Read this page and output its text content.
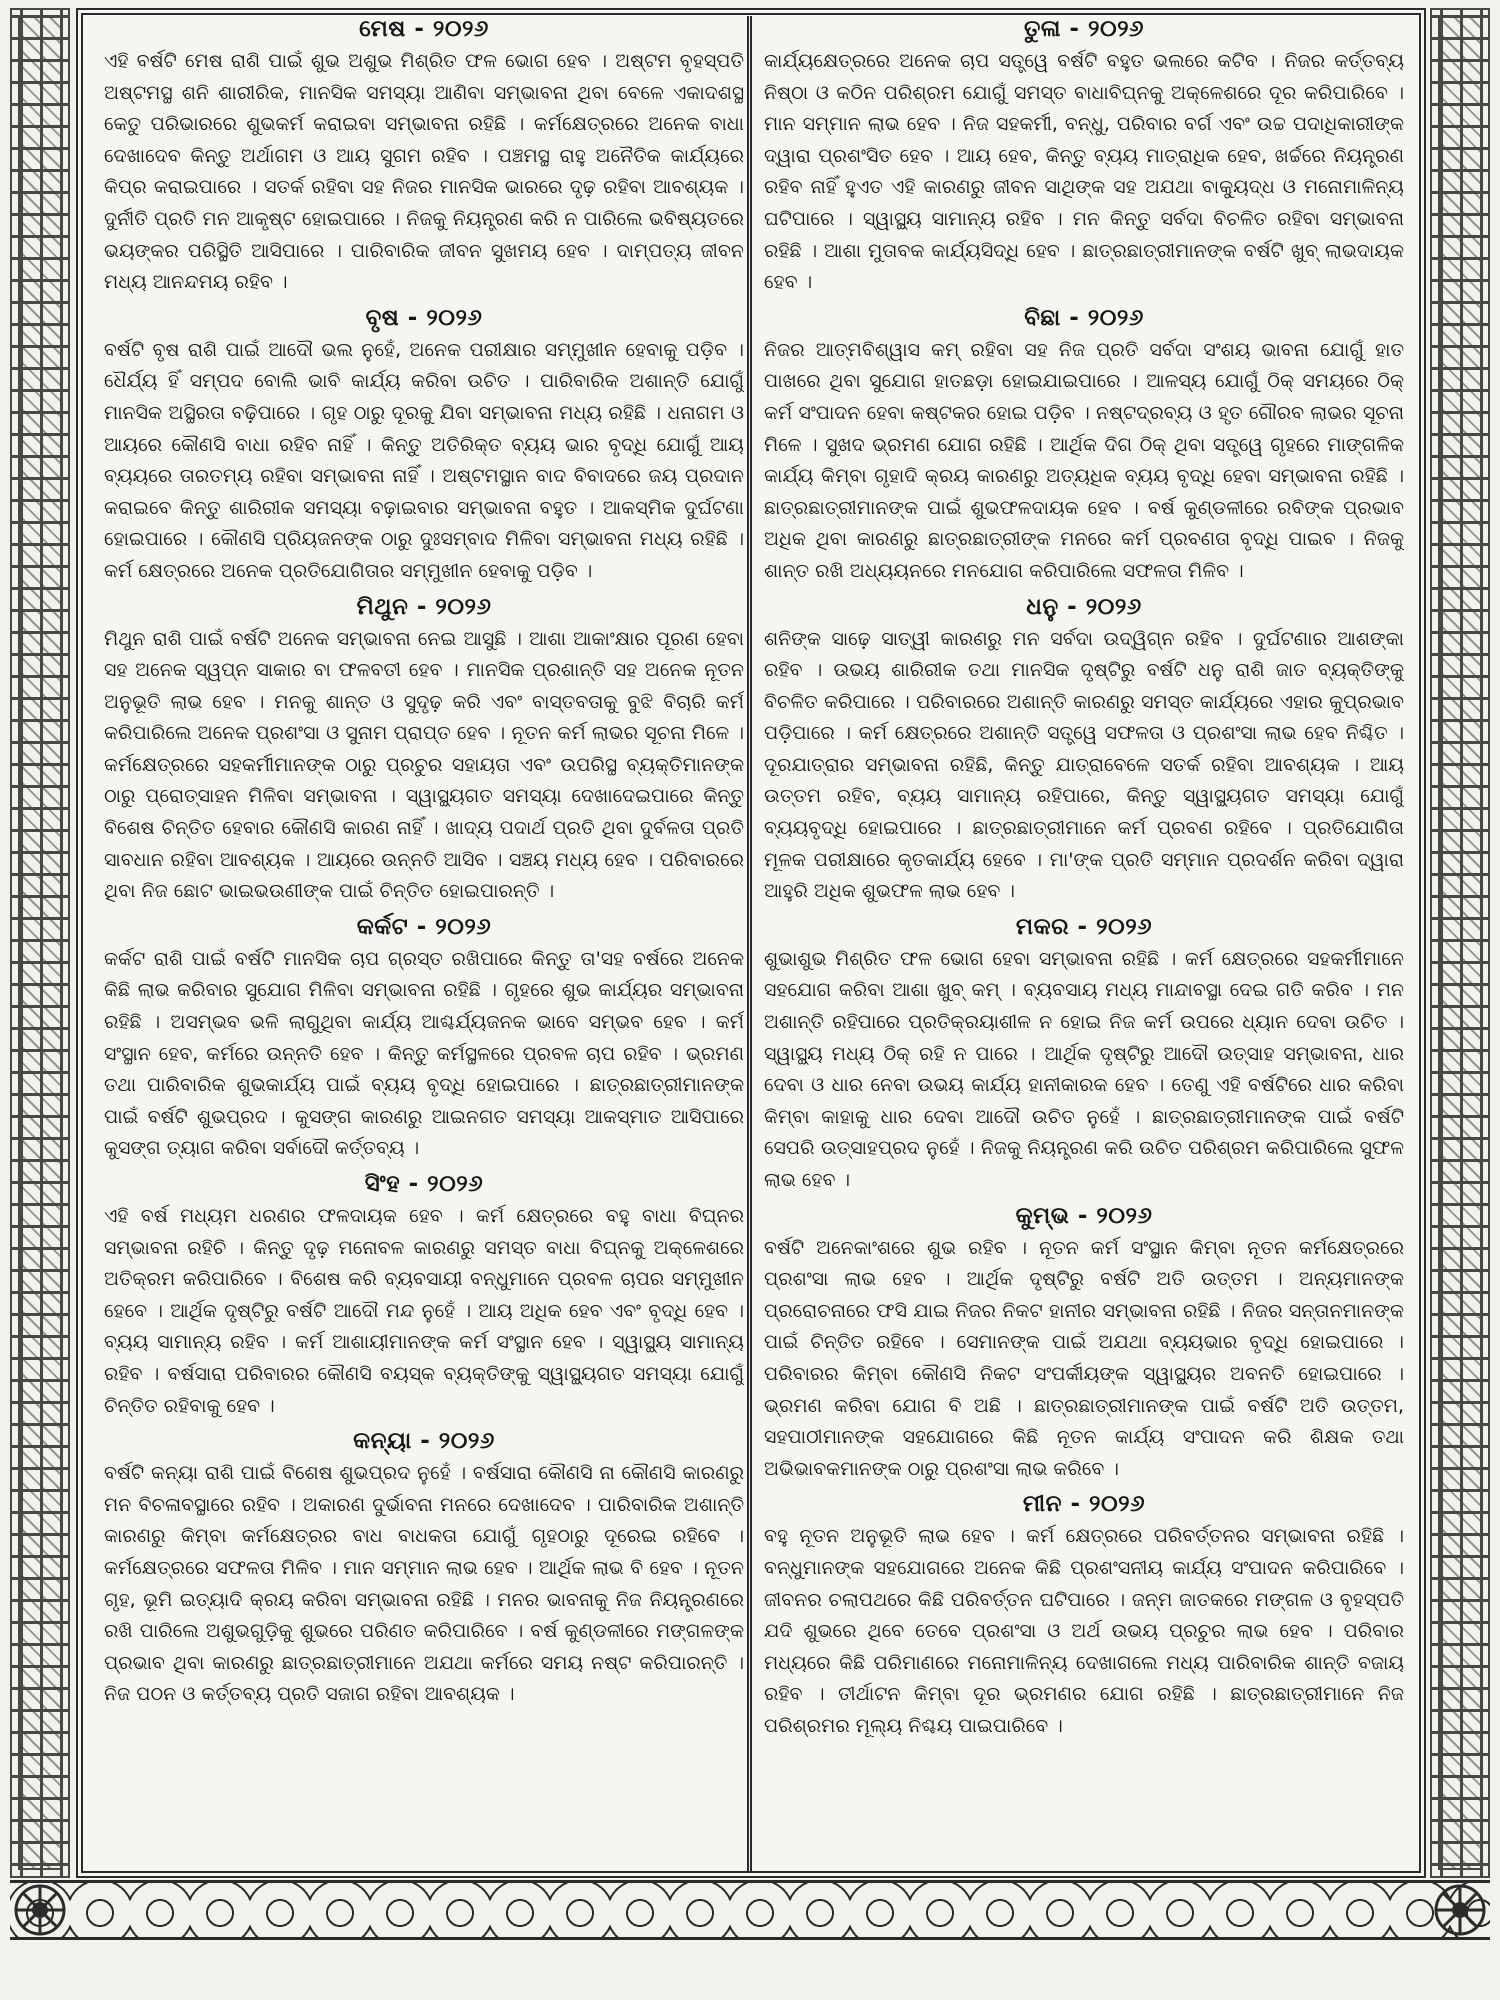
ମେଷ - ୨୦୨୬
ଏହି ବର୍ଷଟି ମେଷ ରାଶି ପାଇଁ ଶୁଭ ଅଶୁଭ ମିଶ୍ରିତ ଫଳ ଭୋଗ ହେବ । ଅଷ୍ଟମ ବୃହସ୍ପତି ଅଷ୍ଟମସ୍ଥ ଶନି ଶାରୀରିକ, ମାନସିକ ସମସ୍ୟା ଆଣିବା ସମ୍ଭାବନା ଥିବା ବେଳେ ଏକାଦଶସ୍ଥ କେତୁ ପରିଭାରରେ ଶୁଭକର୍ମ କରାଇବା ସମ୍ଭାବନା ରହିଛି । କର୍ମକ୍ଷେତ୍ରରେ ଅନେକ ବାଧା ଦେଖାଦେବ କିନ୍ତୁ ଅର୍ଥାଗମ ଓ ଆୟ ସୁଗମ ରହିବ । ପଞ୍ଚମସ୍ଥ ରାହୁ ଅନୈତିକ କାର୍ଯ୍ୟରେ କିପ୍ର କରାଇପାରେ । ସତର୍କ ରହିବା ସହ ନିଜର ମାନସିକ ଭାରରେ ଦୃଢ଼ ରହିବା ଆବଶ୍ୟକ । ଦୁର୍ନୀତି ପ୍ରତି ମନ ଆକୃଷ୍ଟ ହୋଇପାରେ । ନିଜକୁ ନିୟନ୍ତ୍ରଣ କରି ନ ପାରିଲେ ଭବିଷ୍ୟତରେ ଭୟଙ୍କର ପରିସ୍ଥିତି ଆସିପାରେ । ପାରିବାରିକ ଜୀବନ ସୁଖମୟ ହେବ । ଦାମ୍ପତ୍ୟ ଜୀବନ ମଧ୍ୟ ଆନନ୍ଦମୟ ରହିବ ।
ବୃଷ - ୨୦୨୬
ବର୍ଷଟି ବୃଷ ରାଶି ପାଇଁ ଆଦୌ ଭଲ ନୁହେଁ, ଅନେକ ପରୀକ୍ଷାର ସମ୍ମୁଖୀନ ହେବାକୁ ପଡ଼ିବ । ଧୈର୍ଯ୍ୟ ହିଁ ସମ୍ପଦ ବୋଲି ଭାବି କାର୍ଯ୍ୟ କରିବା ଉଚିତ । ପାରିବାରିକ ଅଶାନ୍ତି ଯୋଗୁଁ ମାନସିକ ଅସ୍ଥିରତା ବଢ଼ିପାରେ । ଗୃହ ଠାରୁ ଦୂରକୁ ଯିବା ସମ୍ଭାବନା ମଧ୍ୟ ରହିଛି । ଧନାଗମ ଓ ଆୟରେ କୌଣସି ବାଧା ରହିବ ନାହିଁ । କିନ୍ତୁ ଅତିରିକ୍ତ ବ୍ୟୟ ଭାର ବୃଦ୍ଧି ଯୋଗୁଁ ଆୟ ବ୍ୟୟରେ ତାରତମ୍ୟ ରହିବା ସମ୍ଭାବନା ନାହିଁ । ଅଷ୍ଟମସ୍ଥାନ ବାଦ ବିବାଦରେ ଜୟ ପ୍ରଦାନ କରାଇବେ କିନ୍ତୁ ଶାରିରୀକ ସମସ୍ୟା ବଢ଼ାଇବାର ସମ୍ଭାବନା ବହୁତ । ଆକସ୍ମିକ ଦୁର୍ଘଟଣା ହୋଇପାରେ । କୌଣସି ପ୍ରିୟଜନଙ୍କ ଠାରୁ ଦୁଃସମ୍ବାଦ ମିଳିବା ସମ୍ଭାବନା ମଧ୍ୟ ରହିଛି । କର୍ମ କ୍ଷେତ୍ରରେ ଅନେକ ପ୍ରତିଯୋଗିତାର ସମ୍ମୁଖୀନ ହେବାକୁ ପଡ଼ିବ ।
ମିଥୁନ - ୨୦୨୬
ମିଥୁନ ରାଶି ପାଇଁ ବର୍ଷଟି ଅନେକ ସମ୍ଭାବନା ନେଇ ଆସୁଛି । ଆଶା ଆକାଂକ୍ଷାର ପୂରଣ ହେବା ସହ ଅନେକ ସ୍ୱପ୍ନ ସାକାର ବା ଫଳବତୀ ହେବ । ମାନସିକ ପ୍ରଶାନ୍ତି ସହ ଅନେକ ନୂତନ ଅନୁଭୂତି ଲାଭ ହେବ । ମନକୁ ଶାନ୍ତ ଓ ସୁଦୃଢ଼ କରି ଏବଂ ବାସ୍ତବତାକୁ ବୁଝି ବିଚାରି କର୍ମ କରିପାରିଲେ ଅନେକ ପ୍ରଶଂସା ଓ ସୁନାମ ପ୍ରାପ୍ତ ହେବ । ନୂତନ କର୍ମ ଲାଭର ସୂଚନା ମିଳେ । କର୍ମକ୍ଷେତ୍ରରେ ସହକର୍ମୀମାନଙ୍କ ଠାରୁ ପ୍ରଚୁର ସହାୟତା ଏବଂ ଉପରିସ୍ଥ ବ୍ୟକ୍ତିମାନଙ୍କ ଠାରୁ ପ୍ରୋତ୍ସାହନ ମିଳିବା ସମ୍ଭାବନା । ସ୍ୱାସ୍ଥ୍ୟଗତ ସମସ୍ୟା ଦେଖାଦେଇପାରେ କିନ୍ତୁ ବିଶେଷ ଚିନ୍ତିତ ହେବାର କୌଣସି କାରଣ ନାହିଁ । ଖାଦ୍ୟ ପଦାର୍ଥ ପ୍ରତି ଥିବା ଦୁର୍ବଳତା ପ୍ରତି ସାବଧାନ ରହିବା ଆବଶ୍ୟକ । ଆୟରେ ଉନ୍ନତି ଆସିବ । ସଞ୍ଚୟ ମଧ୍ୟ ହେବ । ପରିବାରରେ ଥିବା ନିଜ ଛୋଟ ଭାଇଭଉଣୀଙ୍କ ପାଇଁ ଚିନ୍ତିତ ହୋଇପାରନ୍ତି ।
କର୍କଟ - ୨୦୨୬
କର୍କଟ ରାଶି ପାଇଁ ବର୍ଷଟି ମାନସିକ ଚାପ ଗ୍ରସ୍ତ ରଖିପାରେ କିନ୍ତୁ ତା'ସହ ବର୍ଷରେ ଅନେକ କିଛି ଲାଭ କରିବାର ସୁଯୋଗ ମିଳିବା ସମ୍ଭାବନା ରହିଛି । ଗୃହରେ ଶୁଭ କାର୍ଯ୍ୟର ସମ୍ଭାବନା ରହିଛି । ଅସମ୍ଭବ ଭଳି ଲାଗୁଥିବା କାର୍ଯ୍ୟ ଆଶ୍ଚର୍ଯ୍ୟଜନକ ଭାବେ ସମ୍ଭବ ହେବ । କର୍ମ ସଂସ୍ଥାନ ହେବ, କର୍ମରେ ଉନ୍ନତି ହେବ । କିନ୍ତୁ କର୍ମସ୍ଥଳରେ ପ୍ରବଳ ଚାପ ରହିବ । ଭ୍ରମଣ ତଥା ପାରିବାରିକ ଶୁଭକାର୍ଯ୍ୟ ପାଇଁ ବ୍ୟୟ ବୃଦ୍ଧି ହୋଇପାରେ । ଛାତ୍ରଛାତ୍ରୀମାନଙ୍କ ପାଇଁ ବର୍ଷଟି ଶୁଭପ୍ରଦ । କୁସଙ୍ଗ କାରଣରୁ ଆଇନଗତ ସମସ୍ୟା ଆକସ୍ମାତ ଆସିପାରେ କୁସଙ୍ଗ ତ୍ୟାଗ କରିବା ସର୍ବାଦୌ କର୍ତ୍ତବ୍ୟ ।
ସିଂହ - ୨୦୨୬
ଏହି ବର୍ଷ ମଧ୍ୟମ ଧରଣର ଫଳଦାୟକ ହେବ । କର୍ମ କ୍ଷେତ୍ରରେ ବହୁ ବାଧା ବିଘ୍ନର ସମ୍ଭାବନା ରହିଚି । କିନ୍ତୁ ଦୃଢ଼ ମନୋବଳ କାରଣରୁ ସମସ୍ତ ବାଧା ବିଘ୍ନକୁ ଅକ୍ଳେଶରେ ଅତିକ୍ରମ କରିପାରିବେ । ବିଶେଷ କରି ବ୍ୟବସାୟୀ ବନ୍ଧୁମାନେ ପ୍ରବଳ ଚାପର ସମ୍ମୁଖୀନ ହେବେ । ଆର୍ଥିକ ଦୃଷ୍ଟିରୁ ବର୍ଷଟି ଆଦୌ ମନ୍ଦ ନୁହେଁ । ଆୟ ଅଧିକ ହେବ ଏବଂ ବୃଦ୍ଧି ହେବ । ବ୍ୟୟ ସାମାନ୍ୟ ରହିବ । କର୍ମ ଆଶାୟୀମାନଙ୍କ କର୍ମ ସଂସ୍ଥାନ ହେବ । ସ୍ୱାସ୍ଥ୍ୟ ସାମାନ୍ୟ ରହିବ । ବର୍ଷସାରା ପରିବାରର କୌଣସି ବୟସ୍କ ବ୍ୟକ୍ତିଙ୍କୁ ସ୍ୱାସ୍ଥ୍ୟଗତ ସମସ୍ୟା ଯୋଗୁଁ ଚିନ୍ତିତ ରହିବାକୁ ହେବ ।
କନ୍ୟା - ୨୦୨୬
ବର୍ଷଟି କନ୍ୟା ରାଶି ପାଇଁ ବିଶେଷ ଶୁଭପ୍ରଦ ନୁହେଁ । ବର୍ଷସାରା କୌଣସି ନା କୌଣସି କାରଣରୁ ମନ ବିଚଳାବସ୍ଥାରେ ରହିବ । ଅକାରଣ ଦୁର୍ଭାବନା ମନରେ ଦେଖାଦେବ । ପାରିବାରିକ ଅଶାନ୍ତି କାରଣରୁ କିମ୍ବା କର୍ମକ୍ଷେତ୍ରର ବାଧ ବାଧକତା ଯୋଗୁଁ ଗୃହଠାରୁ ଦୂରେଇ ରହିବେ । କର୍ମକ୍ଷେତ୍ରରେ ସଫଳତା ମିଳିବ । ମାନ ସମ୍ମାନ ଲାଭ ହେବ । ଆର୍ଥିକ ଲାଭ ବି ହେବ । ନୂତନ ଗୃହ, ଭୂମି ଇତ୍ୟାଦି କ୍ରୟ କରିବା ସମ୍ଭାବନା ରହିଛି । ମନର ଭାବନାକୁ ନିଜ ନିୟନ୍ତ୍ରଣରେ ରଖି ପାରିଲେ ଅଶୁଭଗୁଡ଼ିକୁ ଶୁଭରେ ପରିଣତ କରିପାରିବେ । ବର୍ଷ କୁଣ୍ଡଳୀରେ ମଙ୍ଗଳଙ୍କ ପ୍ରଭାବ ଥିବା କାରଣରୁ ଛାତ୍ରଛାତ୍ରୀମାନେ ଅଯଥା କର୍ମରେ ସମୟ ନଷ୍ଟ କରିପାରନ୍ତି । ନିଜ ପଠନ ଓ କର୍ତ୍ତବ୍ୟ ପ୍ରତି ସଜାଗ ରହିବା ଆବଶ୍ୟକ ।
ତୁଳା - ୨୦୨୬
କାର୍ଯ୍ୟକ୍ଷେତ୍ରରେ ଅନେକ ଚାପ ସତ୍ତ୍ୱେ ବର୍ଷଟି ବହୁତ ଭଲରେ କଟିବ । ନିଜର କର୍ତ୍ତବ୍ୟ ନିଷ୍ଠା ଓ କଠିନ ପରିଶ୍ରମ ଯୋଗୁଁ ସମସ୍ତ ବାଧାବିଘ୍ନକୁ ଅକ୍ଳେଶରେ ଦୂର କରିପାରିବେ । ମାନ ସମ୍ମାନ ଲାଭ ହେବ । ନିଜ ସହକର୍ମୀ, ବନ୍ଧୁ, ପରିବାର ବର୍ଗ ଏବଂ ଉଚ୍ଚ ପଦାଧିକାରୀଙ୍କ ଦ୍ୱାରା ପ୍ରଶଂସିତ ହେବ । ଆୟ ହେବ, କିନ୍ତୁ ବ୍ୟୟ ମାତ୍ରାଧିକ ହେବ, ଖର୍ଚ୍ଚରେ ନିୟନ୍ତ୍ରଣ ରହିବ ନାହିଁ ହୁଏତ ଏହି କାରଣରୁ ଜୀବନ ସାଥିଙ୍କ ସହ ଅଯଥା ବାକ୍ୟୁଦ୍ଧ ଓ ମନୋମାଳିନ୍ୟ ଘଟିପାରେ । ସ୍ୱାସ୍ଥ୍ୟ ସାମାନ୍ୟ ରହିବ । ମନ କିନ୍ତୁ ସର୍ବଦା ବିଚଳିତ ରହିବା ସମ୍ଭାବନା ରହିଛି । ଆଶା ମୁତାବକ କାର୍ଯ୍ୟସିଦ୍ଧି ହେବ । ଛାତ୍ରଛାତ୍ରୀମାନଙ୍କ ବର୍ଷଟି ଖୁବ୍ ଲାଭଦାୟକ ହେବ ।
ବିଛା - ୨୦୨୬
ନିଜର ଆତ୍ମବିଶ୍ୱାସ କମ୍ ରହିବା ସହ ନିଜ ପ୍ରତି ସର୍ବଦା ସଂଶୟ ଭାବନା ଯୋଗୁଁ ହାତ ପାଖରେ ଥିବା ସୁଯୋଗ ହାତଛଡ଼ା ହୋଇଯାଇପାରେ । ଆଳସ୍ୟ ଯୋଗୁଁ ଠିକ୍ ସମୟରେ ଠିକ୍ କର୍ମ ସଂପାଦନ ହେବା କଷ୍ଟକର ହୋଇ ପଡ଼ିବ । ନଷ୍ଟଦ୍ରବ୍ୟ ଓ ହୃତ ଗୌରବ ଲାଭର ସୂଚନା ମିଳେ । ସୁଖଦ ଭ୍ରମଣ ଯୋଗ ରହିଛି । ଆର୍ଥିକ ଦିଗ ଠିକ୍ ଥିବା ସତ୍ତ୍ୱେ ଗୃହରେ ମାଙ୍ଗଳିକ କାର୍ଯ୍ୟ କିମ୍ବା ଗୃହାଦି କ୍ରୟ କାରଣରୁ ଅତ୍ୟଧିକ ବ୍ୟୟ ବୃଦ୍ଧି ହେବା ସମ୍ଭାବନା ରହିଛି । ଛାତ୍ରଛାତ୍ରୀମାନଙ୍କ ପାଇଁ ଶୁଭଫଳଦାୟକ ହେବ । ବର୍ଷ କୁଣ୍ଡଳୀରେ ରବିଙ୍କ ପ୍ରଭାବ ଅଧିକ ଥିବା କାରଣରୁ ଛାତ୍ରଛାତ୍ରୀଙ୍କ ମନରେ କର୍ମ ପ୍ରବଣତା ବୃଦ୍ଧି ପାଇବ । ନିଜକୁ ଶାନ୍ତ ରଖି ଅଧ୍ୟୟନରେ ମନଯୋଗ କରିପାରିଲେ ସଫଳତା ମିଳିବ ।
ଧନୁ - ୨୦୨୬
ଶନିଙ୍କ ସାଢ଼େ ସାତ୍ୱୀ କାରଣରୁ ମନ ସର୍ବଦା ଉଦ୍ୱିଗ୍ନ ରହିବ । ଦୁର୍ଘଟଣାର ଆଶଙ୍କା ରହିବ । ଉଭୟ ଶାରିରୀକ ତଥା ମାନସିକ ଦୃଷ୍ଟିରୁ ବର୍ଷଟି ଧନୁ ରାଶି ଜାତ ବ୍ୟକ୍ତିଙ୍କୁ ବିଚଳିତ କରିପାରେ । ପରିବାରରେ ଅଶାନ୍ତି କାରଣରୁ ସମସ୍ତ କାର୍ଯ୍ୟରେ ଏହାର କୁପ୍ରଭାବ ପଡ଼ିପାରେ । କର୍ମ କ୍ଷେତ୍ରରେ ଅଶାନ୍ତି ସତ୍ତ୍ୱେ ସଫଳତା ଓ ପ୍ରଶଂସା ଲାଭ ହେବ ନିଶ୍ଚିତ । ଦୂରଯାତ୍ରାର ସମ୍ଭାବନା ରହିଛି, କିନ୍ତୁ ଯାତ୍ରାବେଳେ ସତର୍କ ରହିବା ଆବଶ୍ୟକ । ଆୟ ଉତ୍ତମ ରହିବ, ବ୍ୟୟ ସାମାନ୍ୟ ରହିପାରେ, କିନ୍ତୁ ସ୍ୱାସ୍ଥ୍ୟଗତ ସମସ୍ୟା ଯୋଗୁଁ ବ୍ୟୟବୃଦ୍ଧି ହୋଇପାରେ । ଛାତ୍ରଛାତ୍ରୀମାନେ କର୍ମ ପ୍ରବଣ ରହିବେ । ପ୍ରତିଯୋଗିତା ମୂଳକ ପରୀକ୍ଷାରେ କୃତକାର୍ଯ୍ୟ ହେବେ । ମା'ଙ୍କ ପ୍ରତି ସମ୍ମାନ ପ୍ରଦର୍ଶନ କରିବା ଦ୍ୱାରା ଆହୁରି ଅଧିକ ଶୁଭଫଳ ଲାଭ ହେବ ।
ମକର - ୨୦୨୬
ଶୁଭାଶୁଭ ମିଶ୍ରିତ ଫଳ ଭୋଗ ହେବା ସମ୍ଭାବନା ରହିଛି । କର୍ମ କ୍ଷେତ୍ରରେ ସହକର୍ମୀମାନେ ସହଯୋଗ କରିବା ଆଶା ଖୁବ୍ କମ୍ । ବ୍ୟବସାୟ ମଧ୍ୟ ମାନ୍ଦାବସ୍ଥା ଦେଇ ଗତି କରିବ । ମନ ଅଶାନ୍ତି ରହିପାରେ ପ୍ରତିକ୍ରୟାଶୀଳ ନ ହୋଇ ନିଜ କର୍ମ ଉପରେ ଧ୍ୟାନ ଦେବା ଉଚିତ । ସ୍ୱାସ୍ଥ୍ୟ ମଧ୍ୟ ଠିକ୍ ରହି ନ ପାରେ । ଆର୍ଥିକ ଦୃଷ୍ଟିରୁ ଆଦୌ ଉତ୍ସାହ ସମ୍ଭାବନା, ଧାର ଦେବା ଓ ଧାର ନେବା ଉଭୟ କାର୍ଯ୍ୟ ହାନୀକାରକ ହେବ । ତେଣୁ ଏହି ବର୍ଷଟିରେ ଧାର କରିବା କିମ୍ବା କାହାକୁ ଧାର ଦେବା ଆଦୌ ଉଚିତ ନୁହେଁ । ଛାତ୍ରଛାତ୍ରୀମାନଙ୍କ ପାଇଁ ବର୍ଷଟି ସେପରି ଉତ୍ସାହପ୍ରଦ ନୁହେଁ । ନିଜକୁ ନିୟନ୍ତ୍ରଣ କରି ଉଚିତ ପରିଶ୍ରମ କରିପାରିଲେ ସୁଫଳ ଲାଭ ହେବ ।
କୁମ୍ଭ - ୨୦୨୬
ବର୍ଷଟି ଅନେକାଂଶରେ ଶୁଭ ରହିବ । ନୂତନ କର୍ମ ସଂସ୍ଥାନ କିମ୍ବା ନୂତନ କର୍ମକ୍ଷେତ୍ରରେ ପ୍ରଶଂସା ଲାଭ ହେବ । ଆର୍ଥିକ ଦୃଷ୍ଟିରୁ ବର୍ଷଟି ଅତି ଉତ୍ତମ । ଅନ୍ୟମାନଙ୍କ ପ୍ରରୋଚନାରେ ଫସି ଯାଇ ନିଜର ନିକଟ ହାନୀର ସମ୍ଭାବନା ରହିଛି । ନିଜର ସନ୍ତାନମାନଙ୍କ ପାଇଁ ଚିନ୍ତିତ ରହିବେ । ସେମାନଙ୍କ ପାଇଁ ଅଯଥା ବ୍ୟୟଭାର ବୃଦ୍ଧି ହୋଇପାରେ । ପରିବାରର କିମ୍ବା କୌଣସି ନିକଟ ସଂପର୍କୀୟଙ୍କ ସ୍ୱାସ୍ଥ୍ୟର ଅବନତି ହୋଇପାରେ । ଭ୍ରମଣ କରିବା ଯୋଗ ବି ଅଛି । ଛାତ୍ରଛାତ୍ରୀମାନଙ୍କ ପାଇଁ ବର୍ଷଟି ଅତି ଉତ୍ତମ, ସହପାଠୀମାନଙ୍କ ସହଯୋଗରେ କିଛି ନୂତନ କାର୍ଯ୍ୟ ସଂପାଦନ କରି ଶିକ୍ଷକ ତଥା ଅଭିଭାବକମାନଙ୍କ ଠାରୁ ପ୍ରଶଂସା ଲାଭ କରିବେ ।
ମୀନ - ୨୦୨୬
ବହୁ ନୂତନ ଅନୁଭୂତି ଲାଭ ହେବ । କର୍ମ କ୍ଷେତ୍ରରେ ପରିବର୍ତ୍ତନର ସମ୍ଭାବନା ରହିଛି । ବନ୍ଧୁମାନଙ୍କ ସହଯୋଗରେ ଅନେକ କିଛି ପ୍ରଶଂସନୀୟ କାର୍ଯ୍ୟ ସଂପାଦନ କରିପାରିବେ । ଜୀବନର ଚଲାପଥରେ କିଛି ପରିବର୍ତ୍ତନ ଘଟିପାରେ । ଜନ୍ମ ଜାତକରେ ମଙ୍ଗଳ ଓ ବୃହସ୍ପତି ଯଦି ଶୁଭରେ ଥିବେ ତେବେ ପ୍ରଶଂସା ଓ ଅର୍ଥ ଉଭୟ ପ୍ରଚୁର ଲାଭ ହେବ । ପରିବାର ମଧ୍ୟରେ କିଛି ପରିମାଣରେ ମନୋମାଳିନ୍ୟ ଦେଖାଗଲେ ମଧ୍ୟ ପାରିବାରିକ ଶାନ୍ତି ବଜାୟ ରହିବ । ତୀର୍ଥାଟନ କିମ୍ବା ଦୂର ଭ୍ରମଣର ଯୋଗ ରହିଛି । ଛାତ୍ରଛାତ୍ରୀମାନେ ନିଜ ପରିଶ୍ରମର ମୂଲ୍ୟ ନିଶ୍ଚୟ ପାଇପାରିବେ ।
